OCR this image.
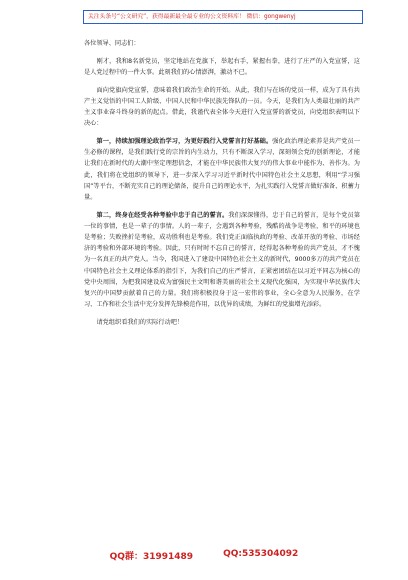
关注头条号“公文研究”，获得最新最全最专业的公文资料库！ 微信：gongwenyj

各位领导、同志们：

刚才，我和8名新党员，坚定地站在党旗下，举起右手，紧握右拳，进行了庄严的入党宣誓，这是人党过程中的一件大事。此刻我们的心情澎湃，激动不已。

面向党旗向党宣誓，意味着我们政治生命的开始。从此，我们与在场的党员一样，成为了具有共产主义觉悟的中国工人阶级、中国人民和中华民族先锋队的一员。今天，是我们为人类最壮丽的共产主义事业奋斗终身的新的起点。借此，我谨代表全体今天进行入党宣誓的新党员，向党组织表明以下决心：

第一，持续加强理论政治学习，为更好践行入党誓言打好基础。强化政治理论素养是共产党员一生必修的课程，是我们践行党的宗旨的内生动力，只有不断深入学习，深刻领会党的创新理论，才能让我们在新时代的大潮中坚定理想信念，才能在中华民族伟大复兴的伟大事业中能作为、善作为。为此，我们将在党组织的领导下，进一步深入学习习近平新时代中国特色社会主义思想，利用“学习强国”等平台，不断充实自己的理论储备，提升自己的理论水平，为扎实践行入党誓言做好准备、积蓄力量。

第二，终身在经受各种考验中忠于自己的誓言。我们深深懂得，忠于自己的誓言，是每个党员第一位的事情，也是一辈子的事情。人的一辈子，会遇到各种考验，残酷的战争是考验，和平的环境也是考验；失败挫折是考验，成功胜利也是考验。我们党正面临执政的考验、改革开放的考验、市场经济的考验和外部环境的考验。因此，只有时时不忘自己的誓言，经得起各种考验的共产党员，才不愧为一名真正的共产党人。当今，我国进入了建设中国特色社会主义的新时代，9000多万的共产党员在中国特色社会主义理论体系的指引下，为我们自己的庄严誓言，正紧密团结在以习近平同志为核心的党中央周围，为把我国建设成为富强民主文明和谐美丽的社会主义现代化强国，为实现中华民族伟大复兴的中国梦贡献着自己的力量。我们将积极投身于这一宏伟的事业，全心全意为人民服务，在学习、工作和社会生活中充分发挥先锋模范作用，以优异的成绩，为鲜红的党旗增光添彩。

请党组织看我们的实际行动吧！

QQ群：31991489	QQ:535304092
